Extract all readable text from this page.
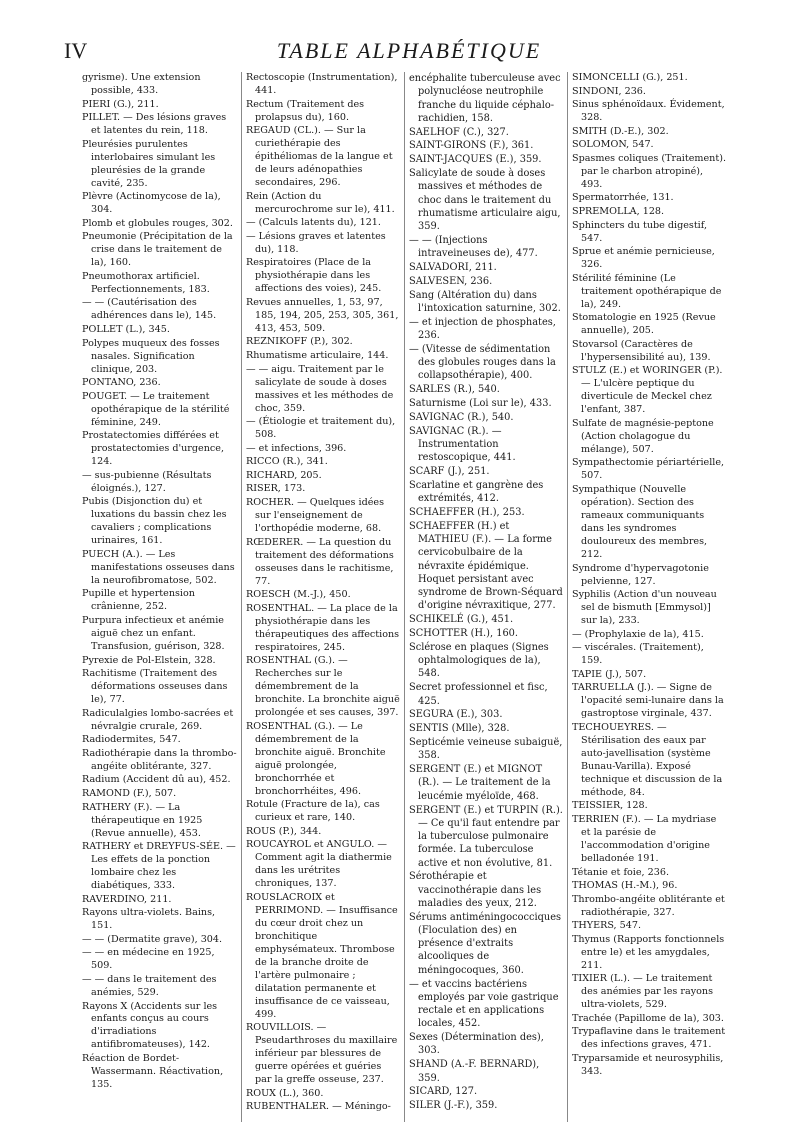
IV	TABLE ALPHABÉTIQUE

gyrisme). Une extension possible, 433.

PIERI (G.), 211.

PILLET. — Des lésions graves et latentes du rein, 118.

Pleurésies purulentes interlobaires simulant les pleurésies de la grande cavité, 235.

Plèvre (Actinomycose de la), 304.

Plomb et globules rouges, 302.

Pneumonie (Précipitation de la crise dans le traitement de la), 160.

Pneumothorax artificiel. Perfectionnements, 183.

— — (Cautérisation des adhérences dans le), 145.

POLLET (L.), 345.

Polypes muqueux des fosses nasales. Signification clinique, 203.

PONTANO, 236.

POUGET. — Le traitement opothérapique de la stérilité féminine, 249.

Prostatectomies différées et prostatectomies d'urgence, 124.

— sus-pubienne (Résultats éloignés.), 127.

Pubis (Disjonction du) et luxations du bassin chez les cavaliers ; complications urinaires, 161.

PUECH (A.). — Les manifestations osseuses dans la neurofibromatose, 502.

Pupille et hypertension crânienne, 252.

Purpura infectieux et anémie aiguë chez un enfant. Transfusion, guérison, 328.

Pyrexie de Pol-Elstein, 328.

Rachitisme (Traitement des déformations osseuses dans le), 77.

Radiculalgies lombo-sacrées et névralgie crurale, 269.

Radiodermites, 547.

Radiothérapie dans la thrombo-angéite oblitérante, 327.

Radium (Accident dû au), 452.

RAMOND (F.), 507.

RATHERY (F.). — La thérapeutique en 1925 (Revue annuelle), 453.

RATHERY et DREYFUS-SÉE. — Les effets de la ponction lombaire chez les diabétiques, 333.

RAVERDINO, 211.

Rayons ultra-violets. Bains, 151.

— — (Dermatite grave), 304.

— — en médecine en 1925, 509.

— — dans le traitement des anémies, 529.

Rayons X (Accidents sur les enfants conçus au cours d'irradiations antifibromateuses), 142.

Réaction de Bordet-Wassermann. Réactivation, 135.

Rectoscopie (Instrumentation), 441.

Rectum (Traitement des prolapsus du), 160.

REGAUD (CL.). — Sur la curiethérapie des épithéliomas de la langue et de leurs adénopathies secondaires, 296.

Rein (Action du mercurochrome sur le), 411.

— (Calculs latents du), 121.

— Lésions graves et latentes du), 118.

Respiratoires (Place de la physiothérapie dans les affections des voies), 245.

Revues annuelles, 1, 53, 97, 185, 194, 205, 253, 305, 361, 413, 453, 509.

REZNIKOFF (P.), 302.

Rhumatisme articulaire, 144.

— — aigu. Traitement par le salicylate de soude à doses massives et les méthodes de choc, 359.

— (Étiologie et traitement du), 508.

— et infections, 396.

RICCO (R.), 341.

RICHARD, 205.

RISER, 173.

ROCHER. — Quelques idées sur l'enseignement de l'orthopédie moderne, 68.

RŒDERER. — La question du traitement des déformations osseuses dans le rachitisme, 77.

ROESCH (M.-J.), 450.

ROSENTHAL. — La place de la physiothérapie dans les thérapeutiques des affections respiratoires, 245.

ROSENTHAL (G.). — Recherches sur le démembrement de la bronchite. La bronchite aiguë prolongée et ses causes, 397.

ROSENTHAL (G.). — Le démembrement de la bronchite aiguë. Bronchite aiguë prolongée, bronchorrhée et bronchorrhéites, 496.

Rotule (Fracture de la), cas curieux et rare, 140.

ROUS (P.), 344.

ROUCAYROL et ANGULO. — Comment agit la diathermie dans les urétrites chroniques, 137.

ROUSLACROIX et PERRIMOND. — Insuffisance du cœur droit chez un bronchitique emphysémateux. Thrombose de la branche droite de l'artère pulmonaire ; dilatation permanente et insuffisance de ce vaisseau, 499.

ROUVILLOIS. — Pseudarthroses du maxillaire inférieur par blessures de guerre opérées et guéries par la greffe osseuse, 237.

ROUX (L.), 360.

RUBENTHALER. — Méningo-

encéphalite tuberculeuse avec polynucléose neutrophile franche du liquide céphalo-rachidien, 158.

SAELHOF (C.), 327.

SAINT-GIRONS (F.), 361.

SAINT-JACQUES (E.), 359.

Salicylate de soude à doses massives et méthodes de choc dans le traitement du rhumatisme articulaire aigu, 359.

— — (Injections intraveineuses de), 477.

SALVADORI, 211.

SALVESEN, 236.

Sang (Altération du) dans l'intoxication saturnine, 302.

— et injection de phosphates, 236.

— (Vitesse de sédimentation des globules rouges dans la collapsothérapie), 400.

SARLES (R.), 540.

Saturnisme (Loi sur le), 433.

SAVIGNAC (R.), 540.

SAVIGNAC (R.). — Instrumentation restoscopique, 441.

SCARF (J.), 251.

Scarlatine et gangrène des extrémités, 412.

SCHAEFFER (H.), 253.

SCHAEFFER (H.) et MATHIEU (F.). — La forme cervicobulbaire de la névraxite épidémique. Hoquet persistant avec syndrome de Brown-Séquard d'origine névraxitique, 277.

SCHIKELÉ (G.), 451.

SCHOTTER (H.), 160.

Sclérose en plaques (Signes ophtalmologiques de la), 548.

Secret professionnel et fisc, 425.

SEGURA (E.), 303.

SENTIS (Mlle), 328.

Septicémie veineuse subaiguë, 358.

SERGENT (E.) et MIGNOT (R.). — Le traitement de la leucémie myéloïde, 468.

SERGENT (E.) et TURPIN (R.). — Ce qu'il faut entendre par la tuberculose pulmonaire formée. La tuberculose active et non évolutive, 81.

Sérothérapie et vaccinothérapie dans les maladies des yeux, 212.

Sérums antiméningococciques (Floculation des) en présence d'extraits alcooliques de méningocoques, 360.

— et vaccins bactériens employés par voie gastrique rectale et en applications locales, 452.

Sexes (Détermination des), 303.

SHAND (A.-F. BERNARD), 359.

SICARD, 127.

SILER (J.-F.), 359.

SIMONCELLI (G.), 251.

SINDONI, 236.

Sinus sphénoïdaux. Évidement, 328.

SMITH (D.-E.), 302.

SOLOMON, 547.

Spasmes coliques (Traitement). par le charbon atropiné), 493.

Spermatorrhée, 131.

SPREMOLLA, 128.

Sphincters du tube digestif, 547.

Sprue et anémie pernicieuse, 326.

Stérilité féminine (Le traitement opothérapique de la), 249.

Stomatologie en 1925 (Revue annuelle), 205.

Stovarsol (Caractères de l'hypersensibilité au), 139.

STULZ (E.) et WORINGER (P.). — L'ulcère peptique du diverticule de Meckel chez l'enfant, 387.

Sulfate de magnésie-peptone (Action cholagogue du mélange), 507.

Sympathectomie périartérielle, 507.

Sympathique (Nouvelle opération). Section des rameaux communiquants dans les syndromes douloureux des membres, 212.

Syndrome d'hypervagotonie pelvienne, 127.

Syphilis (Action d'un nouveau sel de bismuth [Emmysol)] sur la), 233.

— (Prophylaxie de la), 415.

— viscérales. (Traitement), 159.

TAPIE (J.), 507.

TARRUELLA (J.). — Signe de l'opacité semi-lunaire dans la gastroptose virginale, 437.

TECHOUEYRES. — Stérilisation des eaux par auto-javellisation (système Bunau-Varilla). Exposé technique et discussion de la méthode, 84.

TEISSIER, 128.

TERRIEN (F.). — La mydriase et la parésie de l'accommodation d'origine belladonée 191.

Tétanie et foie, 236.

THOMAS (H.-M.), 96.

Thrombo-angéite oblitérante et radiothérapie, 327.

THYERS, 547.

Thymus (Rapports fonctionnels entre le) et les amygdales, 211.

TIXIER (L.). — Le traitement des anémies par les rayons ultra-violets, 529.

Trachée (Papillome de la), 303.

Trypaflavine dans le traitement des infections graves, 471.

Tryparsamide et neurosyphilis, 343.
